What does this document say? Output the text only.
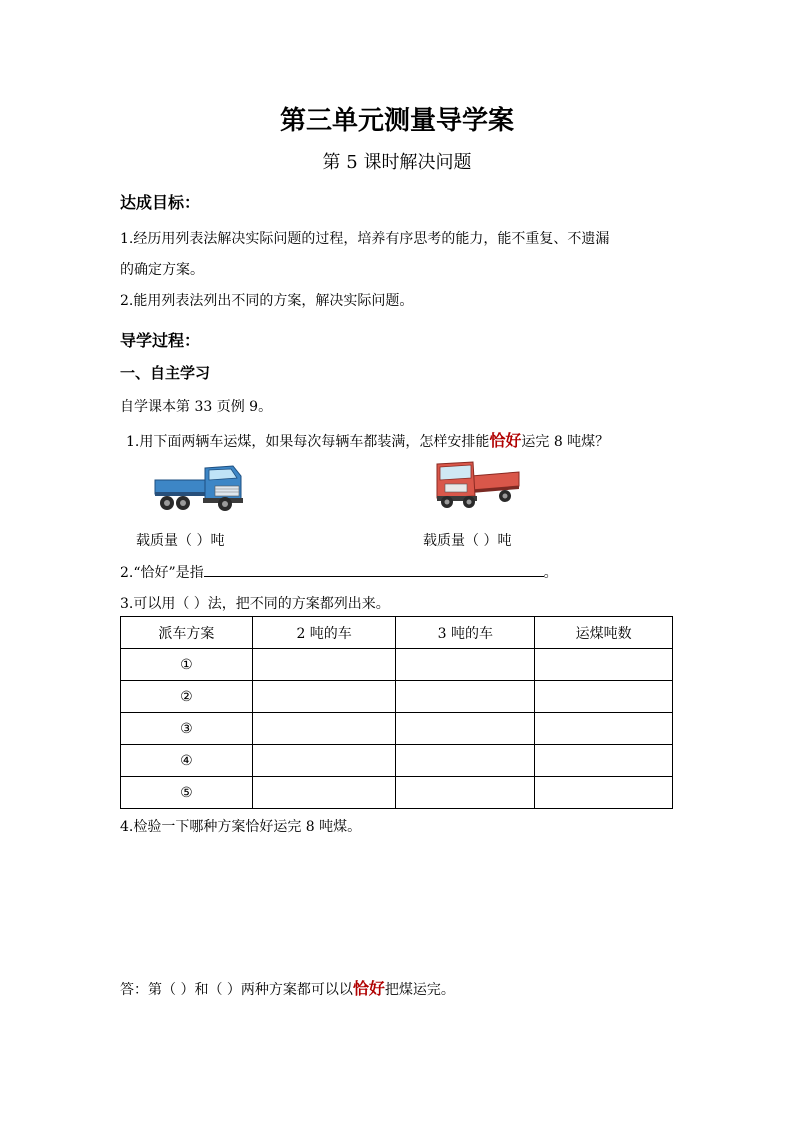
第三单元测量导学案
第 5 课时解决问题
达成目标：
1.经历用列表法解决实际问题的过程，培养有序思考的能力，能不重复、不遗漏
的确定方案。
2.能用列表法列出不同的方案，解决实际问题。
导学过程：
一、自主学习
自学课本第 33 页例 9。
1.用下面两辆车运煤，如果每次每辆车都装满，怎样安排能恰好运完 8 吨煤？
载质量（ ）吨	载质量（ ）吨
2.“恰好”是指	。
3.可以用（ ）法，把不同的方案都列出来。
派车方案	2 吨的车	3 吨的车	运煤吨数
①			
②			
③			
④			
⑤			
4.检验一下哪种方案恰好运完 8 吨煤。
答：第（ ）和（ ）两种方案都可以以恰好把煤运完。
